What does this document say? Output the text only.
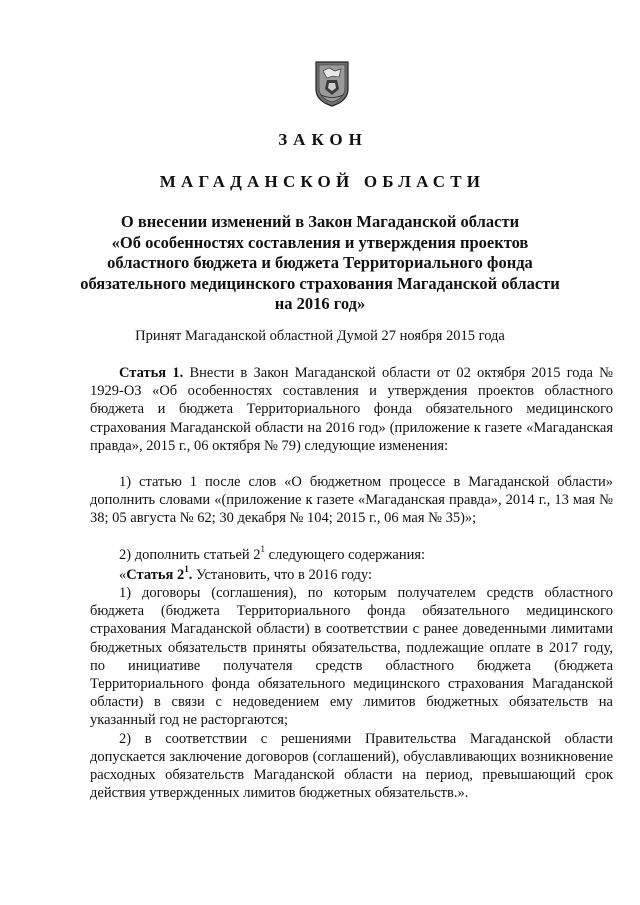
ЗАКОН
МАГАДАНСКОЙ ОБЛАСТИ
О внесении изменений в Закон Магаданской области
«Об особенностях составления и утверждения проектов
областного бюджета и бюджета Территориального фонда
обязательного медицинского страхования Магаданской области
на 2016 год»
Принят Магаданской областной Думой 27 ноября 2015 года

Статья 1. Внести в Закон Магаданской области от 02 октября 2015 года № 1929-ОЗ «Об особенностях составления и утверждения проектов областного бюджета и бюджета Территориального фонда обязательного медицинского страхования Магаданской области на 2016 год» (приложение к газете «Магаданская правда», 2015 г., 06 октября № 79) следующие изменения:

1) статью 1 после слов «О бюджетном процессе в Магаданской области» дополнить словами «(приложение к газете «Магаданская правда», 2014 г., 13 мая № 38; 05 августа № 62; 30 декабря № 104; 2015 г., 06 мая № 35)»;

2) дополнить статьей $2^1$ следующего содержания:

«Статья $2^1$. Установить, что в 2016 году:

1) договоры (соглашения), по которым получателем средств областного бюджета (бюджета Территориального фонда обязательного медицинского страхования Магаданской области) в соответствии с ранее доведенными лимитами бюджетных обязательств приняты обязательства, подлежащие оплате в 2017 году, по инициативе получателя средств областного бюджета (бюджета Территориального фонда обязательного медицинского страхования Магаданской области) в связи с недоведением ему лимитов бюджетных обязательств на указанный год не расторгаются;

2) в соответствии с решениями Правительства Магаданской области допускается заключение договоров (соглашений), обуславливающих возникновение расходных обязательств Магаданской области на период, превышающий срок действия утвержденных лимитов бюджетных обязательств.».
